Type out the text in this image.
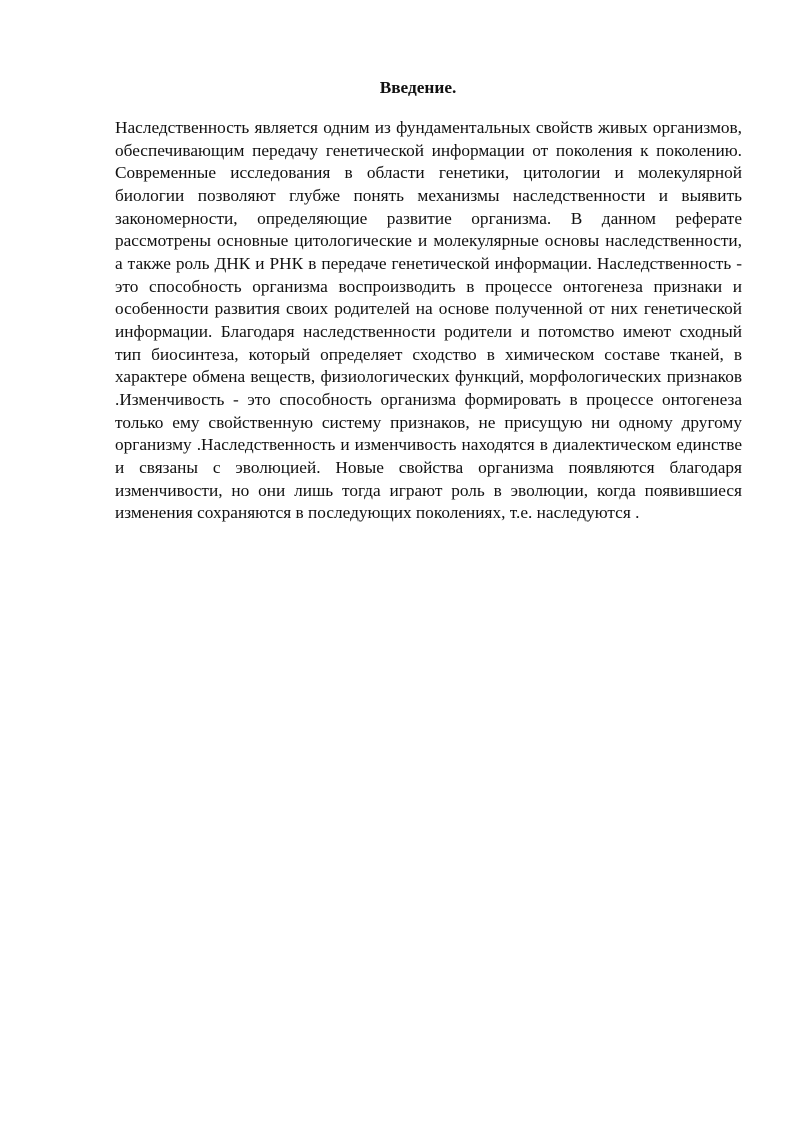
Введение.

Наследственность является одним из фундаментальных свойств живых организмов, обеспечивающим передачу генетической информации от поколения к поколению. Современные исследования в области генетики, цитологии и молекулярной биологии позволяют глубже понять механизмы наследственности и выявить закономерности, определяющие развитие организма. В данном реферате рассмотрены основные цитологические и молекулярные основы наследственности, а также роль ДНК и РНК в передаче генетической информации. Наследственность - это способность организма воспроизводить в процессе онтогенеза признаки и особенности развития своих родителей на основе полученной от них генетической информации. Благодаря наследственности родители и потомство имеют сходный тип биосинтеза, который определяет сходство в химическом составе тканей, в характере обмена веществ, физиологических функций, морфологических признаков .Изменчивость - это способность организма формировать в процессе онтогенеза только ему свойственную систему признаков, не присущую ни одному другому организму .Наследственность и изменчивость находятся в диалектическом единстве и связаны с эволюцией. Новые свойства организма появляются благодаря изменчивости, но они лишь тогда играют роль в эволюции, когда появившиеся изменения сохраняются в последующих поколениях, т.е. наследуются .
